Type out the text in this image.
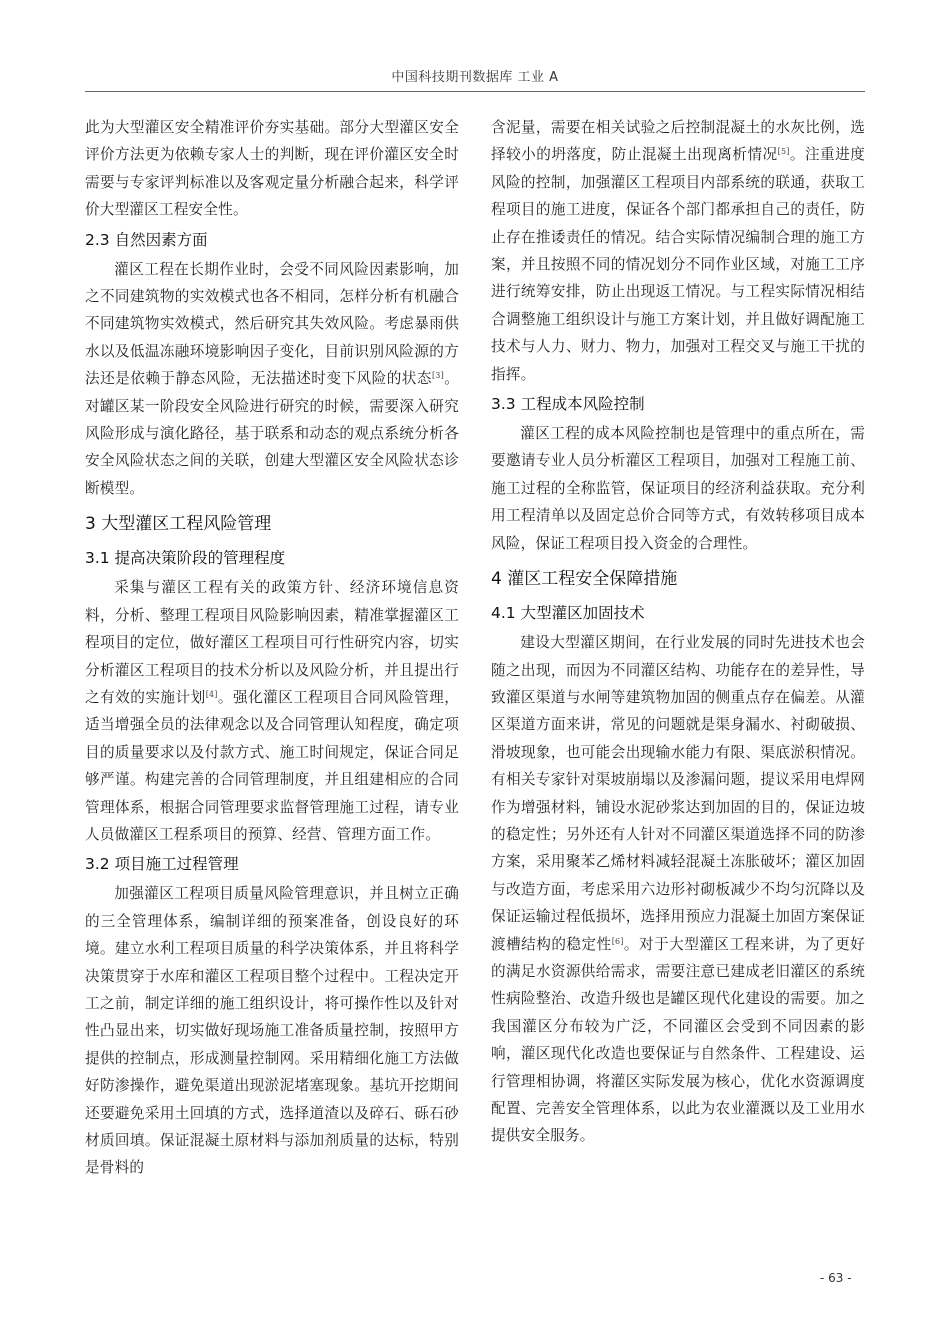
中国科技期刊数据库 工业 A

此为大型灌区安全精准评价夯实基础。部分大型灌区安全评价方法更为依赖专家人士的判断，现在评价灌区安全时需要与专家评判标准以及客观定量分析融合起来，科学评价大型灌区工程安全性。

2.3 自然因素方面

灌区工程在长期作业时，会受不同风险因素影响，加之不同建筑物的实效模式也各不相同，怎样分析有机融合不同建筑物实效模式，然后研究其失效风险。考虑暴雨供水以及低温冻融环境影响因子变化，目前识别风险源的方法还是依赖于静态风险，无法描述时变下风险的状态[3]。对罐区某一阶段安全风险进行研究的时候，需要深入研究风险形成与演化路径，基于联系和动态的观点系统分析各安全风险状态之间的关联，创建大型灌区安全风险状态诊断模型。

3 大型灌区工程风险管理
3.1 提高决策阶段的管理程度

采集与灌区工程有关的政策方针、经济环境信息资料，分析、整理工程项目风险影响因素，精准掌握灌区工程项目的定位，做好灌区工程项目可行性研究内容，切实分析灌区工程项目的技术分析以及风险分析，并且提出行之有效的实施计划[4]。强化灌区工程项目合同风险管理，适当增强全员的法律观念以及合同管理认知程度，确定项目的质量要求以及付款方式、施工时间规定，保证合同足够严谨。构建完善的合同管理制度，并且组建相应的合同管理体系，根据合同管理要求监督管理施工过程，请专业人员做灌区工程系项目的预算、经营、管理方面工作。

3.2 项目施工过程管理

加强灌区工程项目质量风险管理意识，并且树立正确的三全管理体系，编制详细的预案准备，创设良好的环境。建立水利工程项目质量的科学决策体系，并且将科学决策贯穿于水库和灌区工程项目整个过程中。工程决定开工之前，制定详细的施工组织设计，将可操作性以及针对性凸显出来，切实做好现场施工准备质量控制，按照甲方提供的控制点，形成测量控制网。采用精细化施工方法做好防渗操作，避免渠道出现淤泥堵塞现象。基坑开挖期间还要避免采用土回填的方式，选择道渣以及碎石、砾石砂材质回填。保证混凝土原材料与添加剂质量的达标，特别是骨料的

含泥量，需要在相关试验之后控制混凝土的水灰比例，选择较小的坍落度，防止混凝土出现离析情况[5]。注重进度风险的控制，加强灌区工程项目内部系统的联通，获取工程项目的施工进度，保证各个部门都承担自己的责任，防止存在推诿责任的情况。结合实际情况编制合理的施工方案，并且按照不同的情况划分不同作业区域，对施工工序进行统筹安排，防止出现返工情况。与工程实际情况相结合调整施工组织设计与施工方案计划，并且做好调配施工技术与人力、财力、物力，加强对工程交叉与施工干扰的指挥。

3.3 工程成本风险控制

灌区工程的成本风险控制也是管理中的重点所在，需要邀请专业人员分析灌区工程项目，加强对工程施工前、施工过程的全称监管，保证项目的经济利益获取。充分利用工程清单以及固定总价合同等方式，有效转移项目成本风险，保证工程项目投入资金的合理性。

4 灌区工程安全保障措施
4.1 大型灌区加固技术

建设大型灌区期间，在行业发展的同时先进技术也会随之出现，而因为不同灌区结构、功能存在的差异性，导致灌区渠道与水闸等建筑物加固的侧重点存在偏差。从灌区渠道方面来讲，常见的问题就是渠身漏水、衬砌破损、滑坡现象，也可能会出现输水能力有限、渠底淤积情况。有相关专家针对渠坡崩塌以及渗漏问题，提议采用电焊网作为增强材料，铺设水泥砂浆达到加固的目的，保证边坡的稳定性；另外还有人针对不同灌区渠道选择不同的防渗方案，采用聚苯乙烯材料减轻混凝土冻胀破坏；灌区加固与改造方面，考虑采用六边形衬砌板减少不均匀沉降以及保证运输过程低损坏，选择用预应力混凝土加固方案保证渡槽结构的稳定性[6]。对于大型灌区工程来讲，为了更好的满足水资源供给需求，需要注意已建成老旧灌区的系统性病险整治、改造升级也是罐区现代化建设的需要。加之我国灌区分布较为广泛，不同灌区会受到不同因素的影响，灌区现代化改造也要保证与自然条件、工程建设、运行管理相协调，将灌区实际发展为核心，优化水资源调度配置、完善安全管理体系，以此为农业灌溉以及工业用水提供安全服务。

- 63 -
